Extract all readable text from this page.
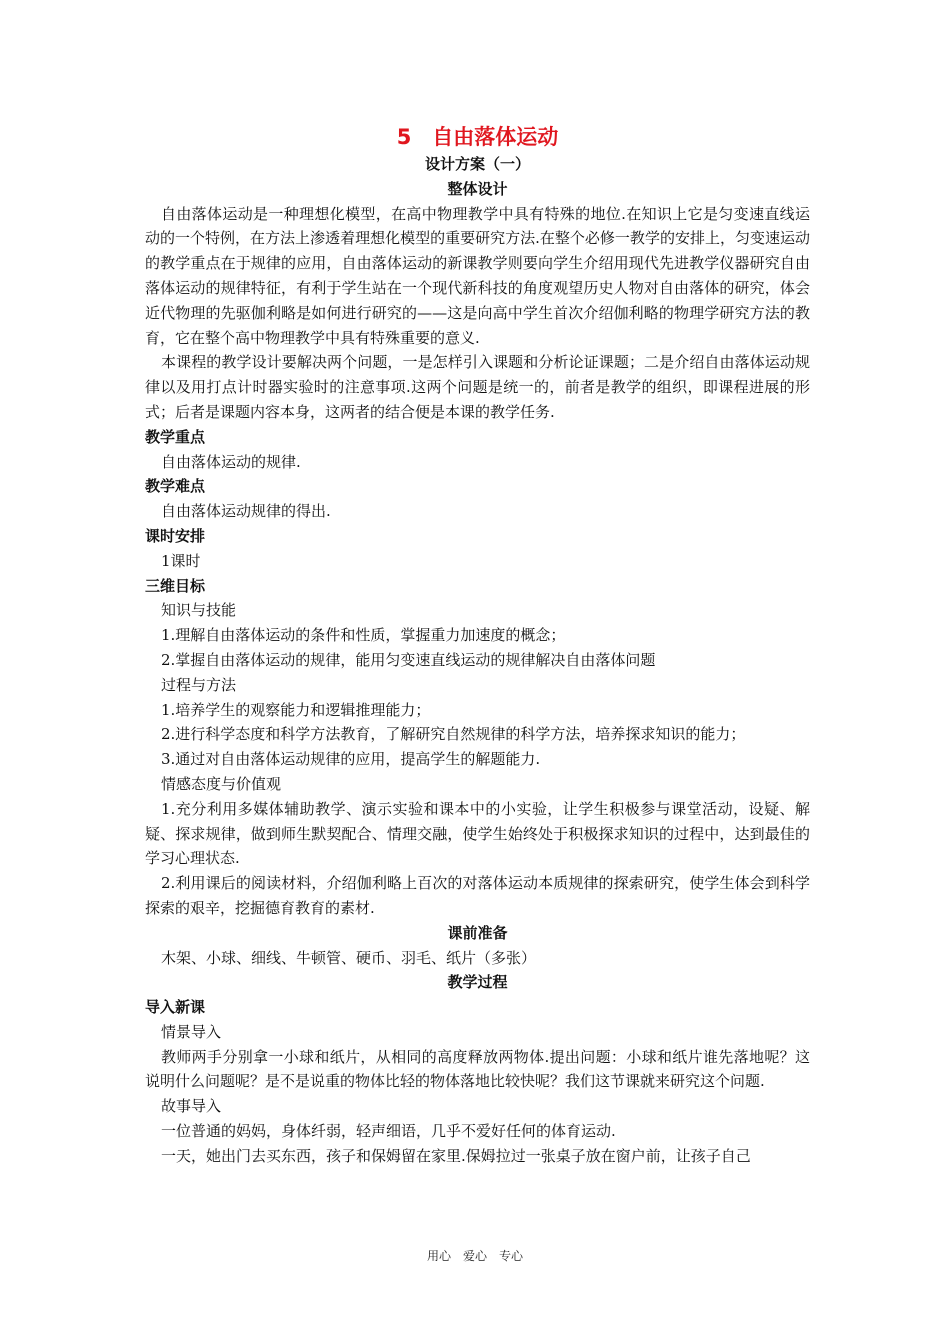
5　自由落体运动

设计方案（一）

整体设计

自由落体运动是一种理想化模型，在高中物理教学中具有特殊的地位.在知识上它是匀变速直线运动的一个特例，在方法上渗透着理想化模型的重要研究方法.在整个必修一教学的安排上，匀变速运动的教学重点在于规律的应用，自由落体运动的新课教学则要向学生介绍用现代先进教学仪器研究自由落体运动的规律特征，有利于学生站在一个现代新科技的角度观望历史人物对自由落体的研究，体会近代物理的先驱伽利略是如何进行研究的——这是向高中学生首次介绍伽利略的物理学研究方法的教育，它在整个高中物理教学中具有特殊重要的意义.

本课程的教学设计要解决两个问题，一是怎样引入课题和分析论证课题；二是介绍自由落体运动规律以及用打点计时器实验时的注意事项.这两个问题是统一的，前者是教学的组织，即课程进展的形式；后者是课题内容本身，这两者的结合便是本课的教学任务.

教学重点

自由落体运动的规律.

教学难点

自由落体运动规律的得出.

课时安排

1课时

三维目标

知识与技能

1.理解自由落体运动的条件和性质，掌握重力加速度的概念；

2.掌握自由落体运动的规律，能用匀变速直线运动的规律解决自由落体问题

过程与方法

1.培养学生的观察能力和逻辑推理能力；

2.进行科学态度和科学方法教育，了解研究自然规律的科学方法，培养探求知识的能力；

3.通过对自由落体运动规律的应用，提高学生的解题能力.

情感态度与价值观

1.充分利用多媒体辅助教学、演示实验和课本中的小实验，让学生积极参与课堂活动，设疑、解疑、探求规律，做到师生默契配合、情理交融，使学生始终处于积极探求知识的过程中，达到最佳的学习心理状态.

2.利用课后的阅读材料，介绍伽利略上百次的对落体运动本质规律的探索研究，使学生体会到科学探索的艰辛，挖掘德育教育的素材.

课前准备

木架、小球、细线、牛顿管、硬币、羽毛、纸片（多张）

教学过程

导入新课

情景导入

教师两手分别拿一小球和纸片，从相同的高度释放两物体.提出问题：小球和纸片谁先落地呢？这说明什么问题呢？是不是说重的物体比轻的物体落地比较快呢？我们这节课就来研究这个问题.

故事导入

一位普通的妈妈，身体纤弱，轻声细语，几乎不爱好任何的体育运动.

一天，她出门去买东西，孩子和保姆留在家里.保姆拉过一张桌子放在窗户前，让孩子自己

用心　爱心　专心
